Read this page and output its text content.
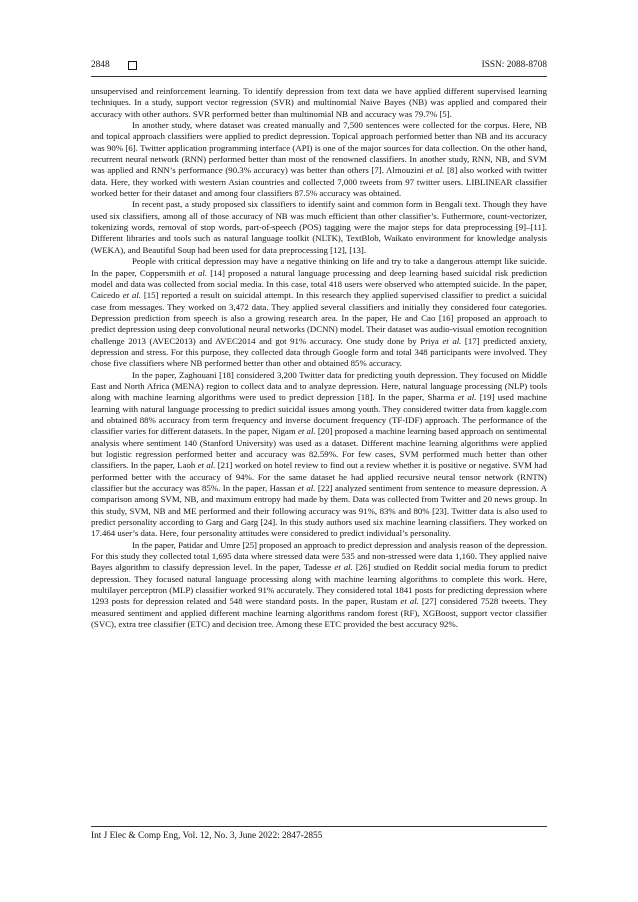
2848	ISSN: 2088-8708

unsupervised and reinforcement learning. To identify depression from text data we have applied different supervised learning techniques. In a study, support vector regression (SVR) and multinomial Naive Bayes (NB) was applied and compared their accuracy with other authors. SVR performed better than multinomial NB and accuracy was 79.7% [5].

In another study, where dataset was created manually and 7,500 sentences were collected for the corpus. Here, NB and topical approach classifiers were applied to predict depression. Topical approach performed better than NB and its accuracy was 90% [6]. Twitter application programming interface (API) is one of the major sources for data collection. On the other hand, recurrent neural network (RNN) performed better than most of the renowned classifiers. In another study, RNN, NB, and SVM was applied and RNN’s performance (90.3% accuracy) was better than others [7]. Almouzini et al. [8] also worked with twitter data. Here, they worked with western Asian countries and collected 7,000 tweets from 97 twitter users. LIBLINEAR classifier worked better for their dataset and among four classifiers 87.5% accuracy was obtained.

In recent past, a study proposed six classifiers to identify saint and common form in Bengali text. Though they have used six classifiers, among all of those accuracy of NB was much efficient than other classifier’s. Futhermore, count-vectorizer, tokenizing words, removal of stop words, part-of-speech (POS) tagging were the major steps for data preprocessing [9]–[11]. Different libraries and tools such as natural language toolkit (NLTK), TextBlob, Waikato environment for knowledge analysis (WEKA), and Beautiful Soup had been used for data preprocessing [12], [13].

People with critical depression may have a negative thinking on life and try to take a dangerous attempt like suicide. In the paper, Coppersmith et al. [14] proposed a natural language processing and deep learning based suicidal risk prediction model and data was collected from social media. In this case, total 418 users were observed who attempted suicide. In the paper, Caicedo et al. [15] reported a result on suicidal attempt. In this research they applied supervised classifier to predict a suicidal case from messages. They worked on 3,472 data. They applied several classifiers and initially they considered four categories. Depression prediction from speech is also a growing research area. In the paper, He and Cao [16] proposed an approach to predict depression using deep convolutional neural networks (DCNN) model. Their dataset was audio-visual emotion recognition challenge 2013 (AVEC2013) and AVEC2014 and got 91% accuracy. One study done by Priya et al. [17] predicted anxiety, depression and stress. For this purpose, they collected data through Google form and total 348 participants were involved. They chose five classifiers where NB performed better than other and obtained 85% accuracy.

In the paper, Zaghouani [18] considered 3,200 Twitter data for predicting youth depression. They focused on Middle East and North Africa (MENA) region to collect data and to analyze depression. Here, natural language processing (NLP) tools along with machine learning algorithms were used to predict depression [18]. In the paper, Sharma et al. [19] used machine learning with natural language processing to predict suicidal issues among youth. They considered twitter data from kaggle.com and obtained 88% accuracy from term frequency and inverse document frequency (TF-IDF) approach. The performance of the classifier varies for different datasets. In the paper, Nigam et al. [20] proposed a machine learning based approach on sentimental analysis where sentiment 140 (Stanford University) was used as a dataset. Different machine learning algorithms were applied but logistic regression performed better and accuracy was 82.59%. For few cases, SVM performed much better than other classifiers. In the paper, Laoh et al. [21] worked on hotel review to find out a review whether it is positive or negative. SVM had performed better with the accuracy of 94%. For the same dataset he had applied recursive neural tensor network (RNTN) classifier but the accuracy was 85%. In the paper, Hassan et al. [22] analyzed sentiment from sentence to measure depression. A comparison among SVM, NB, and maximum entropy had made by them. Data was collected from Twitter and 20 news group. In this study, SVM, NB and ME performed and their following accuracy was 91%, 83% and 80% [23]. Twitter data is also used to predict personality according to Garg and Garg [24]. In this study authors used six machine learning classifiers. They worked on 17.464 user’s data. Here, four personality attitudes were considered to predict individual’s personality.

In the paper, Patidar and Umre [25] proposed an approach to predict depression and analysis reason of the depression. For this study they collected total 1,695 data where stressed data were 535 and non-stressed were data 1,160. They applied naive Bayes algorithm to classify depression level. In the paper, Tadesse et al. [26] studied on Reddit social media forum to predict depression. They focused natural language processing along with machine learning algorithms to complete this work. Here, multilayer perceptron (MLP) classifier worked 91% accurately. They considered total 1841 posts for predicting depression where 1293 posts for depression related and 548 were standard posts. In the paper, Rustam et al. [27] considered 7528 tweets. They measured sentiment and applied different machine learning algorithms random forest (RF), XGBoost, support vector classifier (SVC), extra tree classifier (ETC) and decision tree. Among these ETC provided the best accuracy 92%.

Int J Elec & Comp Eng, Vol. 12, No. 3, June 2022: 2847-2855
